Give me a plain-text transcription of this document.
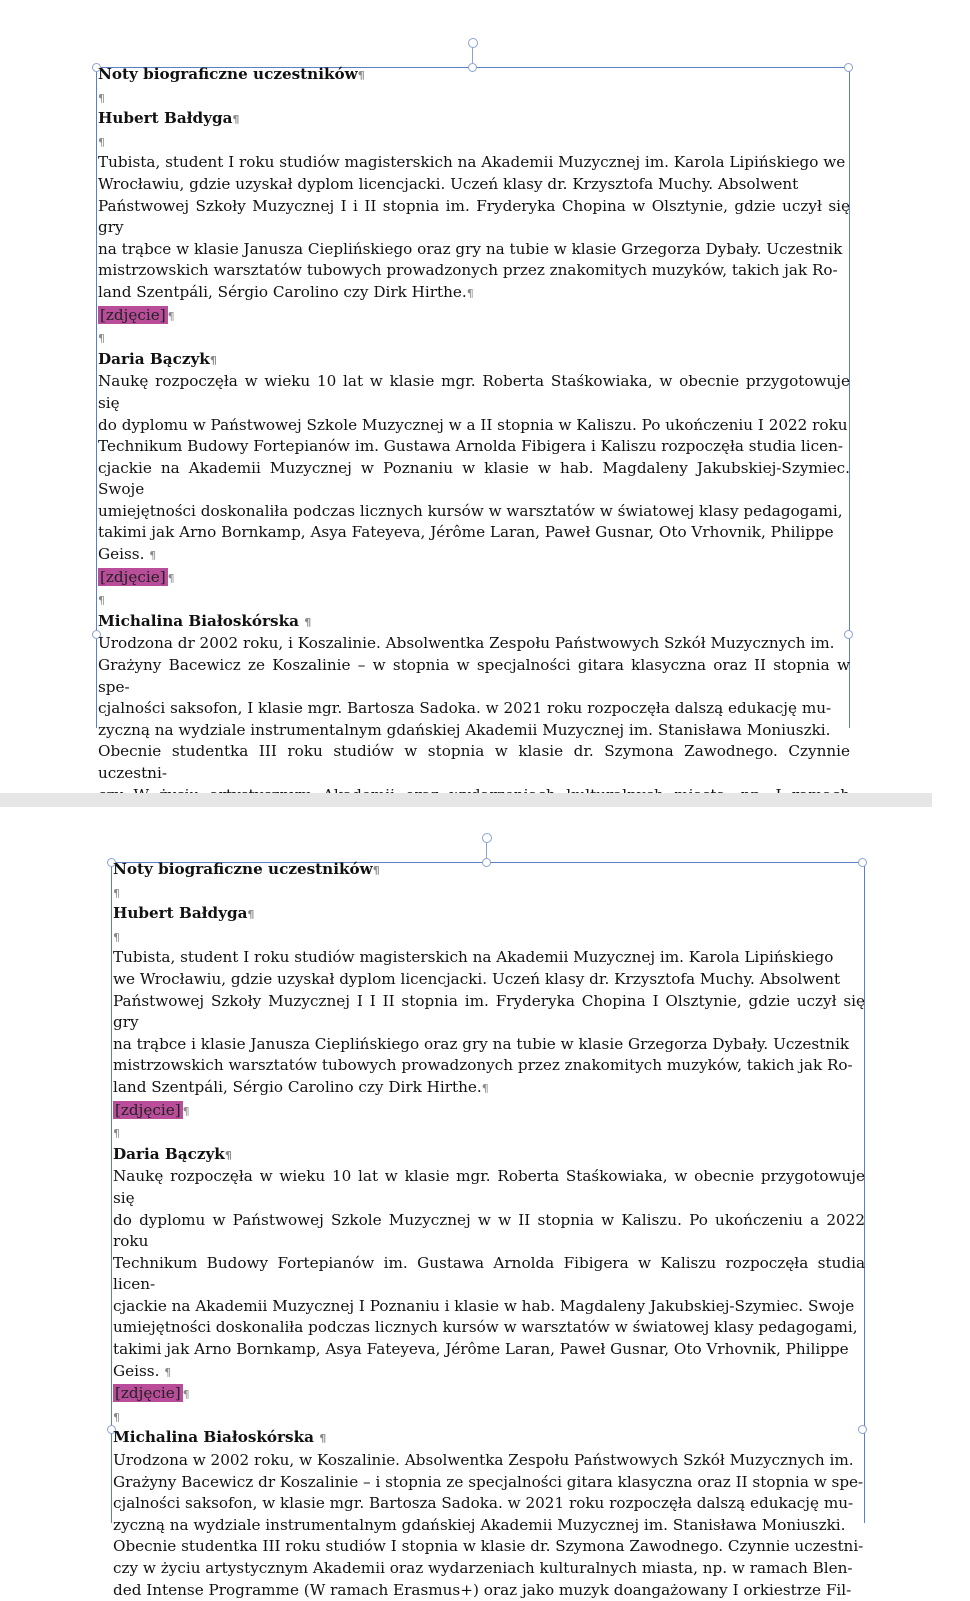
Noty biograficzne uczestników¶

¶

Hubert Bałdyga¶

¶

Tubista, student I roku studiów magisterskich na Akademii Muzycznej im. Karola Lipińskiego we

Wrocławiu, gdzie uzyskał dyplom licencjacki. Uczeń klasy dr. Krzysztofa Muchy. Absolwent

Państwowej Szkoły Muzycznej I i II stopnia im. Fryderyka Chopina w Olsztynie, gdzie uczył się gry

na trąbce w klasie Janusza Cieplińskiego oraz gry na tubie w klasie Grzegorza Dybały. Uczestnik

mistrzowskich warsztatów tubowych prowadzonych przez znakomitych muzyków, takich jak Ro-

land Szentpáli, Sérgio Carolino czy Dirk Hirthe.¶

[zdjęcie] ¶

¶

Daria Bączyk¶

Naukę rozpoczęła w wieku 10 lat w klasie mgr. Roberta Staśkowiaka, w obecnie przygotowuje się

do dyplomu w Państwowej Szkole Muzycznej w a II stopnia w Kaliszu. Po ukończeniu I 2022 roku

Technikum Budowy Fortepianów im. Gustawa Arnolda Fibigera i Kaliszu rozpoczęła studia licen-

cjackie na Akademii Muzycznej w Poznaniu w klasie w hab. Magdaleny Jakubskiej-Szymiec. Swoje

umiejętności doskonaliła podczas licznych kursów w warsztatów w światowej klasy pedagogami,

takimi jak Arno Bornkamp, Asya Fateyeva, Jérôme Laran, Paweł Gusnar, Oto Vrhovnik, Philippe

Geiss. ¶

[zdjęcie] ¶

¶

Michalina Białoskórska ¶

Urodzona dr 2002 roku, i Koszalinie. Absolwentka Zespołu Państwowych Szkół Muzycznych im.

Grażyny Bacewicz ze Koszalinie – w stopnia w specjalności gitara klasyczna oraz II stopnia w spe-

cjalności saksofon, I klasie mgr. Bartosza Sadoka. w 2021 roku rozpoczęła dalszą edukację mu-

zyczną na wydziale instrumentalnym gdańskiej Akademii Muzycznej im. Stanisława Moniuszki.

Obecnie studentka III roku studiów w stopnia w klasie dr. Szymona Zawodnego. Czynnie uczestni-

Noty biograficzne uczestników¶

¶

Hubert Bałdyga¶

¶

Tubista, student I roku studiów magisterskich na Akademii Muzycznej im. Karola Lipińskiego

we Wrocławiu, gdzie uzyskał dyplom licencjacki. Uczeń klasy dr. Krzysztofa Muchy. Absolwent

Państwowej Szkoły Muzycznej I I II stopnia im. Fryderyka Chopina I Olsztynie, gdzie uczył się gry

na trąbce i klasie Janusza Cieplińskiego oraz gry na tubie w klasie Grzegorza Dybały. Uczestnik

mistrzowskich warsztatów tubowych prowadzonych przez znakomitych muzyków, takich jak Ro-

land Szentpáli, Sérgio Carolino czy Dirk Hirthe.¶

[zdjęcie] ¶

¶

Daria Bączyk¶

Naukę rozpoczęła w wieku 10 lat w klasie mgr. Roberta Staśkowiaka, w obecnie przygotowuje się

do dyplomu w Państwowej Szkole Muzycznej w w II stopnia w Kaliszu. Po ukończeniu a 2022 roku

Technikum Budowy Fortepianów im. Gustawa Arnolda Fibigera w Kaliszu rozpoczęła studia licen-

cjackie na Akademii Muzycznej I Poznaniu i klasie w hab. Magdaleny Jakubskiej-Szymiec. Swoje

umiejętności doskonaliła podczas licznych kursów w warsztatów w światowej klasy pedagogami,

takimi jak Arno Bornkamp, Asya Fateyeva, Jérôme Laran, Paweł Gusnar, Oto Vrhovnik, Philippe

Geiss. ¶

[zdjęcie] ¶

¶

Michalina Białoskórska ¶

Urodzona w 2002 roku, w Koszalinie. Absolwentka Zespołu Państwowych Szkół Muzycznych im.

Grażyny Bacewicz dr Koszalinie – i stopnia ze specjalności gitara klasyczna oraz II stopnia w spe-

cjalności saksofon, w klasie mgr. Bartosza Sadoka. w 2021 roku rozpoczęła dalszą edukację mu-

zyczną na wydziale instrumentalnym gdańskiej Akademii Muzycznej im. Stanisława Moniuszki.

Obecnie studentka III roku studiów I stopnia w klasie dr. Szymona Zawodnego. Czynnie uczestni-

czy w życiu artystycznym Akademii oraz wydarzeniach kulturalnych miasta, np. w ramach Blen-

ded Intense Programme (W ramach Erasmus+) oraz jako muzyk doangażowany I orkiestrze Fil-
